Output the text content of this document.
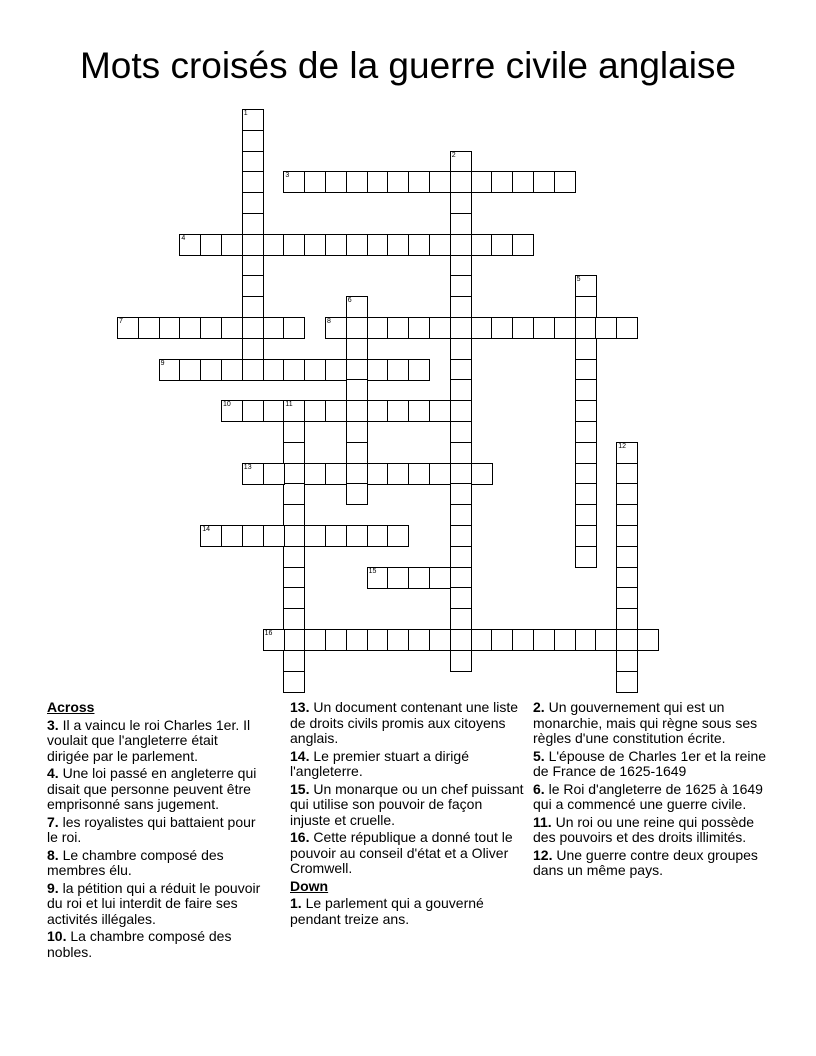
Mots croisés de la guerre civile anglaise
1
2
3
4
5
6
7	8
9
10	11
12
13
14
15
16
Across
3. Il a vaincu le roi Charles 1er. Il voulait que l'angleterre était dirigée par le parlement.
4. Une loi passé en angleterre qui disait que personne peuvent être emprisonné sans jugement.
7. les royalistes qui battaient pour le roi.
8. Le chambre composé des membres élu.
9. la pétition qui a réduit le pouvoir du roi et lui interdit de faire ses activités illégales.
10. La chambre composé des nobles.
13. Un document contenant une liste de droits civils promis aux citoyens anglais.
14. Le premier stuart a dirigé l'angleterre.
15. Un monarque ou un chef puissant qui utilise son pouvoir de façon injuste et cruelle.
16. Cette république a donné tout le pouvoir au conseil d'état et a Oliver Cromwell.
Down
1. Le parlement qui a gouverné pendant treize ans.
2. Un gouvernement qui est un monarchie, mais qui règne sous ses règles d'une constitution écrite.
5. L'épouse de Charles 1er et la reine de France de 1625-1649
6. le Roi d'angleterre de 1625 à 1649 qui a commencé une guerre civile.
11. Un roi ou une reine qui possède des pouvoirs et des droits illimités.
12. Une guerre contre deux groupes dans un même pays.
